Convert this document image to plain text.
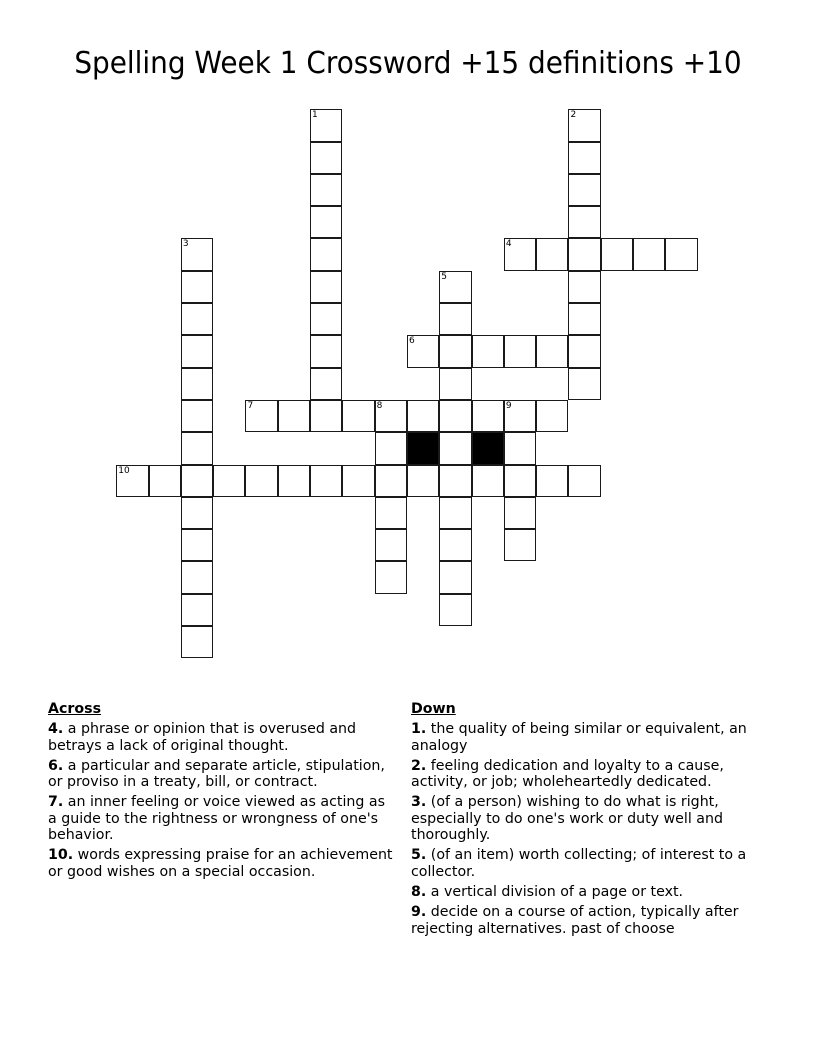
Spelling Week 1 Crossword +15 definitions +10
1	2
3	4
5
6
7	8	9
10
Across
4. a phrase or opinion that is overused and betrays a lack of original thought.
6. a particular and separate article, stipulation, or proviso in a treaty, bill, or contract.
7. an inner feeling or voice viewed as acting as a guide to the rightness or wrongness of one's behavior.
10. words expressing praise for an achievement or good wishes on a special occasion.
Down
1. the quality of being similar or equivalent, an analogy
2. feeling dedication and loyalty to a cause, activity, or job; wholeheartedly dedicated.
3. (of a person) wishing to do what is right, especially to do one's work or duty well and thoroughly.
5. (of an item) worth collecting; of interest to a collector.
8. a vertical division of a page or text.
9. decide on a course of action, typically after rejecting alternatives. past of choose
